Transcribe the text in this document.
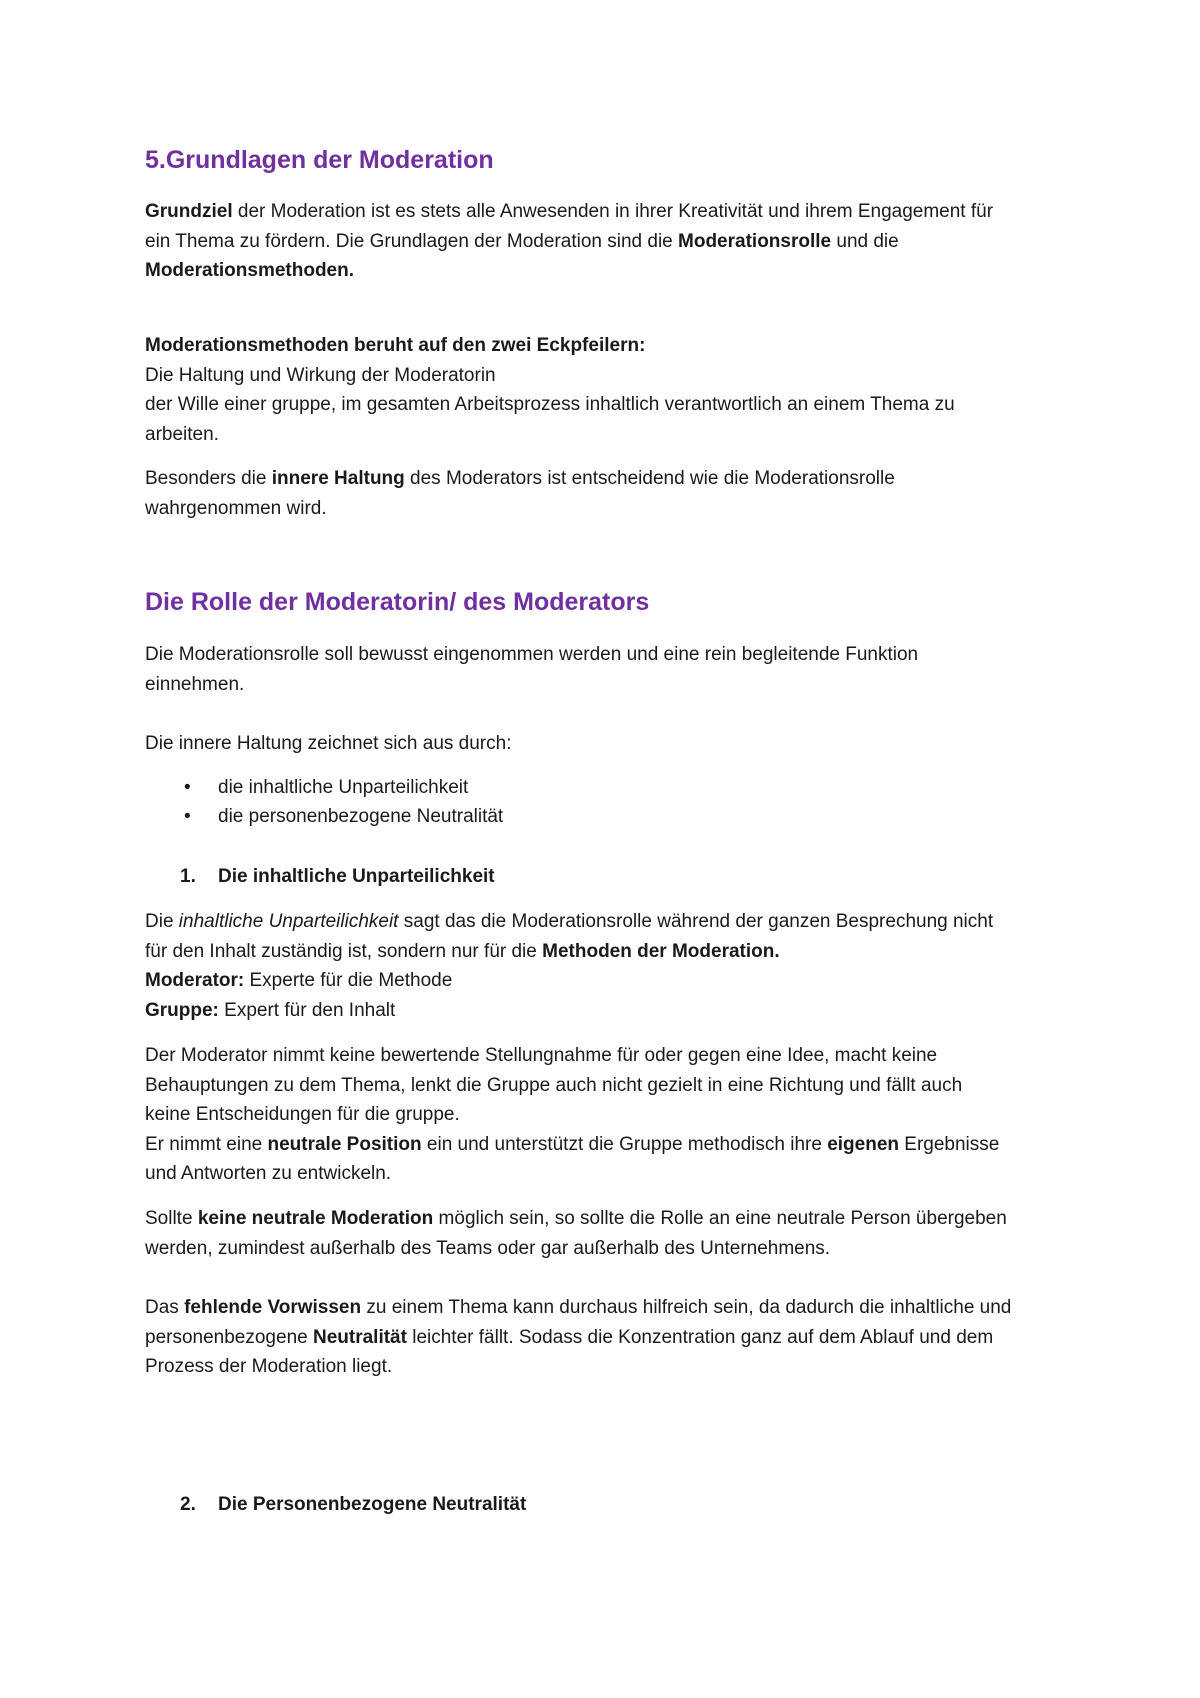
5.Grundlagen der Moderation
Grundziel der Moderation ist es stets alle Anwesenden in ihrer Kreativität und ihrem Engagement für
ein Thema zu fördern. Die Grundlagen der Moderation sind die Moderationsrolle und die
Moderationsmethoden.
Moderationsmethoden beruht auf den zwei Eckpfeilern:
Die Haltung und Wirkung der Moderatorin
der Wille einer gruppe, im gesamten Arbeitsprozess inhaltlich verantwortlich an einem Thema zu
arbeiten.
Besonders die innere Haltung des Moderators ist entscheidend wie die Moderationsrolle
wahrgenommen wird.
Die Rolle der Moderatorin/ des Moderators
Die Moderationsrolle soll bewusst eingenommen werden und eine rein begleitende Funktion
einnehmen.
Die innere Haltung zeichnet sich aus durch:
• die inhaltliche Unparteilichkeit
• die personenbezogene Neutralität
1. Die inhaltliche Unparteilichkeit
Die inhaltliche Unparteilichkeit sagt das die Moderationsrolle während der ganzen Besprechung nicht
für den Inhalt zuständig ist, sondern nur für die Methoden der Moderation.
Moderator: Experte für die Methode
Gruppe: Expert für den Inhalt
Der Moderator nimmt keine bewertende Stellungnahme für oder gegen eine Idee, macht keine
Behauptungen zu dem Thema, lenkt die Gruppe auch nicht gezielt in eine Richtung und fällt auch
keine Entscheidungen für die gruppe.
Er nimmt eine neutrale Position ein und unterstützt die Gruppe methodisch ihre eigenen Ergebnisse
und Antworten zu entwickeln.
Sollte keine neutrale Moderation möglich sein, so sollte die Rolle an eine neutrale Person übergeben
werden, zumindest außerhalb des Teams oder gar außerhalb des Unternehmens.
Das fehlende Vorwissen zu einem Thema kann durchaus hilfreich sein, da dadurch die inhaltliche und
personenbezogene Neutralität leichter fällt. Sodass die Konzentration ganz auf dem Ablauf und dem
Prozess der Moderation liegt.
2. Die Personenbezogene Neutralität
